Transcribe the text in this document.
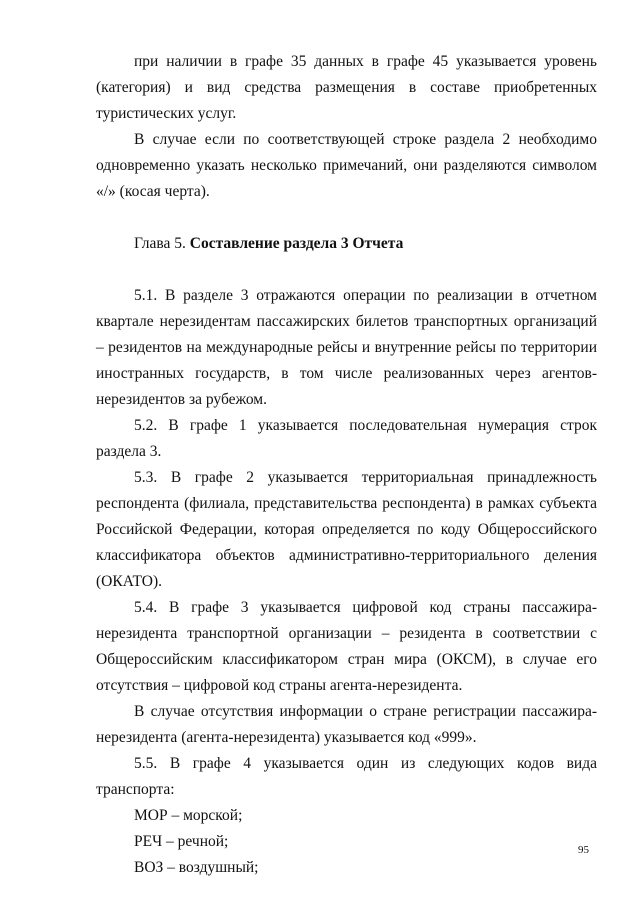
при наличии в графе 35 данных в графе 45 указывается уровень (категория) и вид средства размещения в составе приобретенных туристических услуг.

В случае если по соответствующей строке раздела 2 необходимо одновременно указать несколько примечаний, они разделяются символом «/» (косая черта).

Глава 5. Составление раздела 3 Отчета

5.1. В разделе 3 отражаются операции по реализации в отчетном квартале нерезидентам пассажирских билетов транспортных организаций – резидентов на международные рейсы и внутренние рейсы по территории иностранных государств, в том числе реализованных через агентов-нерезидентов за рубежом.

5.2. В графе 1 указывается последовательная нумерация строк раздела 3.

5.3. В графе 2 указывается территориальная принадлежность респондента (филиала, представительства респондента) в рамках субъекта Российской Федерации, которая определяется по коду Общероссийского классификатора объектов административно-территориального деления (ОКАТО).

5.4. В графе 3 указывается цифровой код страны пассажира-нерезидента транспортной организации – резидента в соответствии с Общероссийским классификатором стран мира (ОКСМ), в случае его отсутствия – цифровой код страны агента-нерезидента.

В случае отсутствия информации о стране регистрации пассажира-нерезидента (агента-нерезидента) указывается код «999».

5.5. В графе 4 указывается один из следующих кодов вида транспорта:

МОР – морской;

РЕЧ – речной;

ВОЗ – воздушный;

95
